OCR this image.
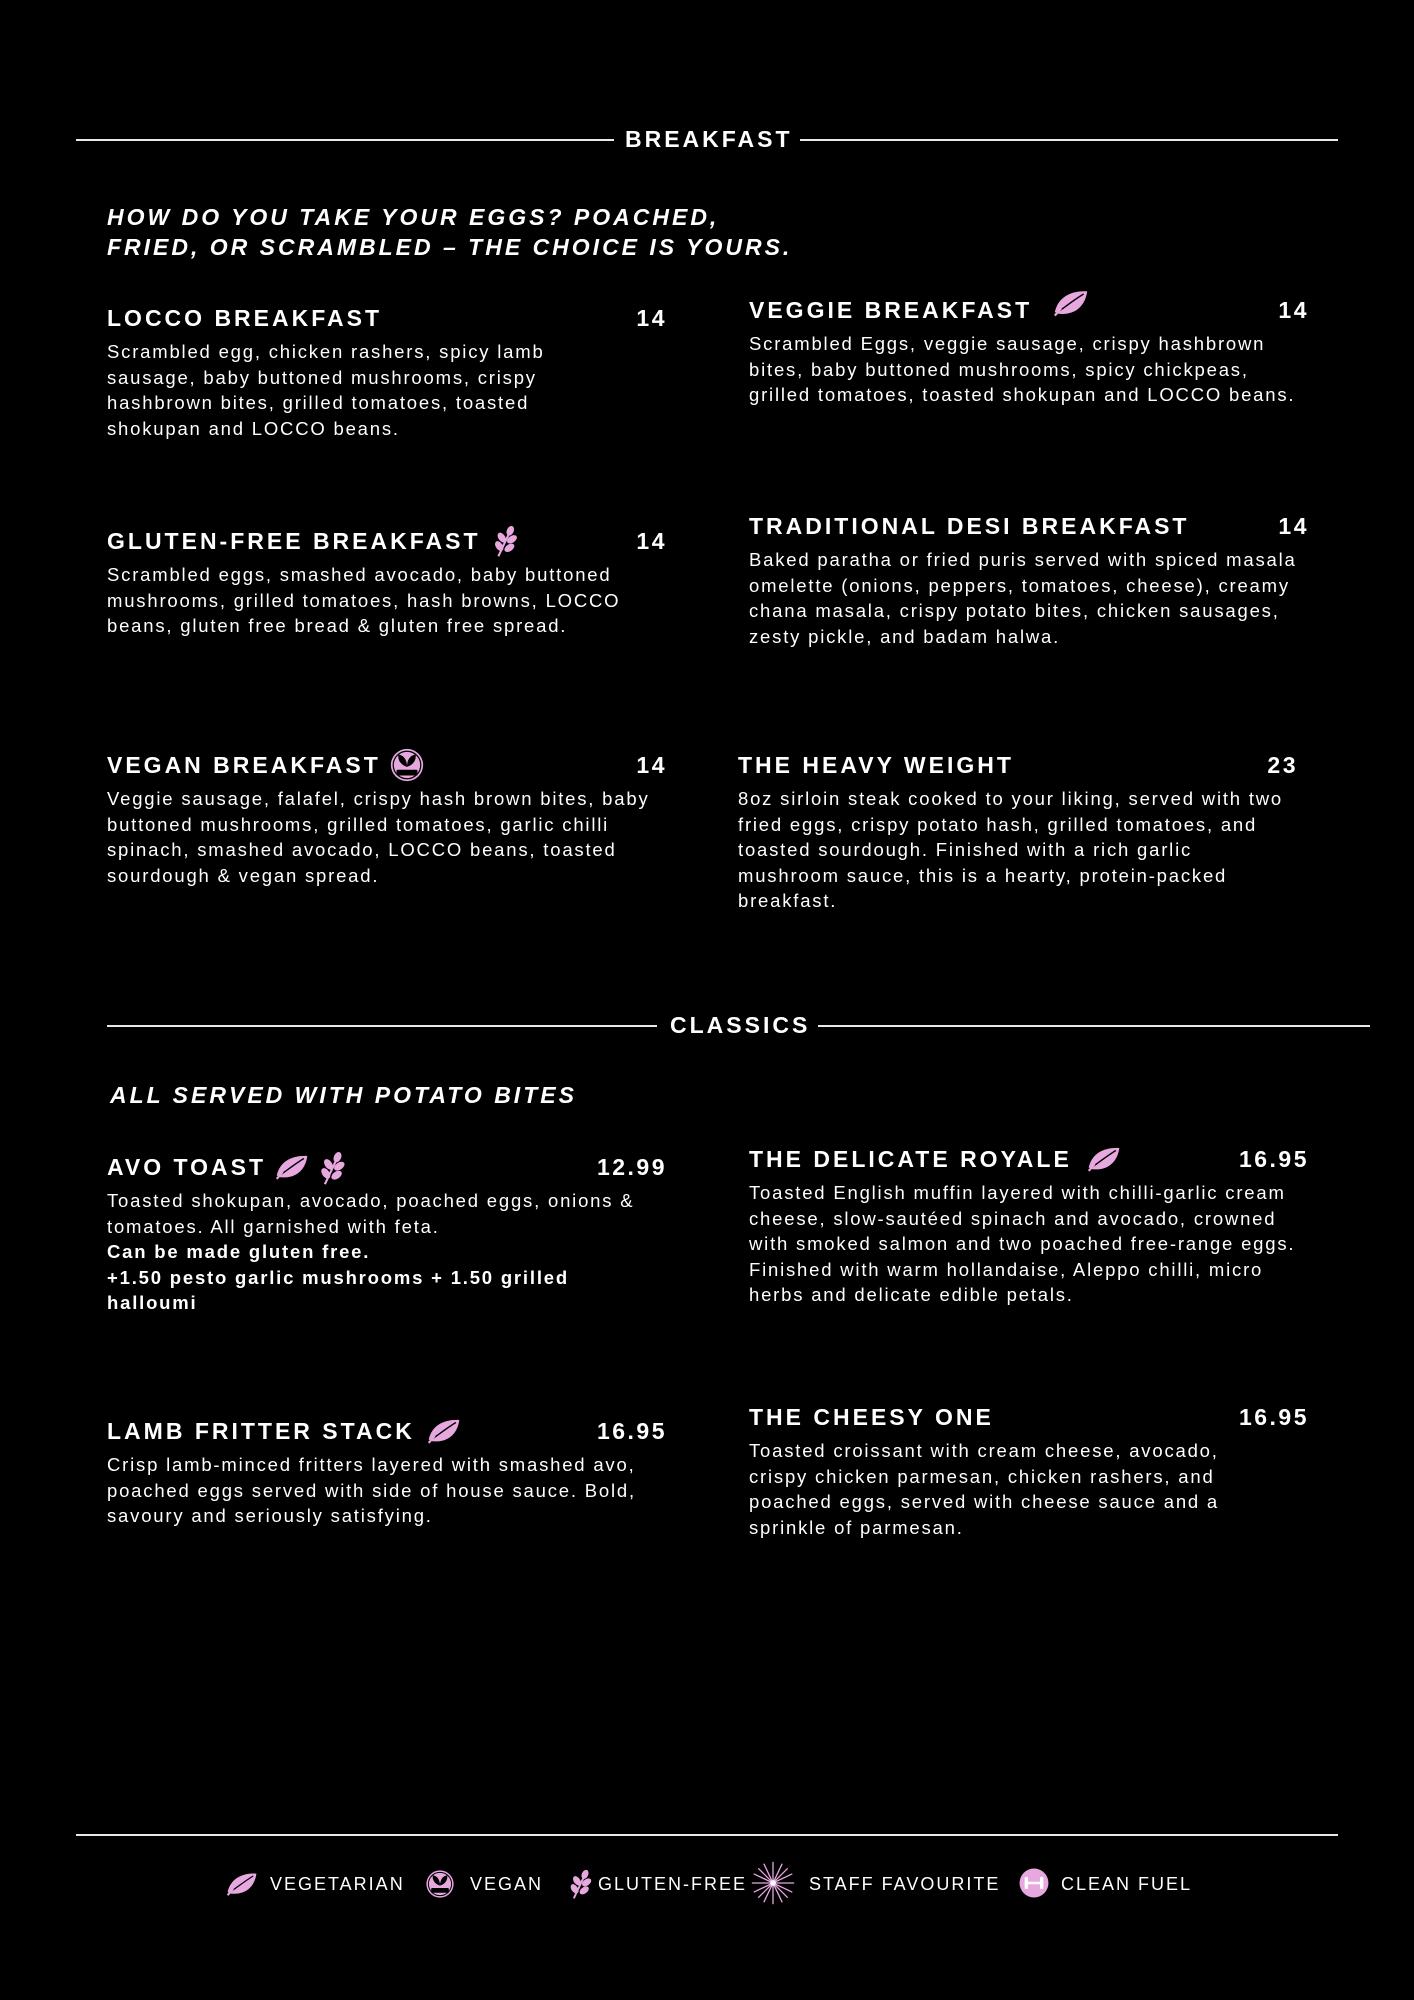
BREAKFAST
HOW DO YOU TAKE YOUR EGGS? POACHED,
FRIED, OR SCRAMBLED – THE CHOICE IS YOURS.
LOCCO BREAKFAST	14
Scrambled egg, chicken rashers, spicy lamb sausage, baby buttoned mushrooms, crispy hashbrown bites, grilled tomatoes, toasted shokupan and LOCCO beans.
VEGGIE BREAKFAST	14
Scrambled Eggs, veggie sausage, crispy hashbrown bites, baby buttoned mushrooms, spicy chickpeas, grilled tomatoes, toasted shokupan and LOCCO beans.
GLUTEN-FREE BREAKFAST	14
Scrambled eggs, smashed avocado, baby buttoned mushrooms, grilled tomatoes, hash browns, LOCCO beans, gluten free bread & gluten free spread.
TRADITIONAL DESI BREAKFAST	14
Baked paratha or fried puris served with spiced masala omelette (onions, peppers, tomatoes, cheese), creamy chana masala, crispy potato bites, chicken sausages, zesty pickle, and badam halwa.
VEGAN BREAKFAST	14
Veggie sausage, falafel, crispy hash brown bites, baby buttoned mushrooms, grilled tomatoes, garlic chilli spinach, smashed avocado, LOCCO beans, toasted sourdough & vegan spread.
THE HEAVY WEIGHT	23
8oz sirloin steak cooked to your liking, served with two fried eggs, crispy potato hash, grilled tomatoes, and toasted sourdough. Finished with a rich garlic mushroom sauce, this is a hearty, protein-packed breakfast.
CLASSICS
ALL SERVED WITH POTATO BITES
AVO TOAST	12.99
Toasted shokupan, avocado, poached eggs, onions & tomatoes. All garnished with feta.
Can be made gluten free.
+1.50 pesto garlic mushrooms + 1.50 grilled halloumi
THE DELICATE ROYALE	16.95
Toasted English muffin layered with chilli-garlic cream cheese, slow-sautéed spinach and avocado, crowned with smoked salmon and two poached free-range eggs. Finished with warm hollandaise, Aleppo chilli, micro herbs and delicate edible petals.
LAMB FRITTER STACK	16.95
Crisp lamb-minced fritters layered with smashed avo, poached eggs served with side of house sauce. Bold, savoury and seriously satisfying.
THE CHEESY ONE	16.95
Toasted croissant with cream cheese, avocado, crispy chicken parmesan, chicken rashers, and poached eggs, served with cheese sauce and a sprinkle of parmesan.
VEGETARIAN	VEGAN	GLUTEN-FREE	STAFF FAVOURITE	CLEAN FUEL
